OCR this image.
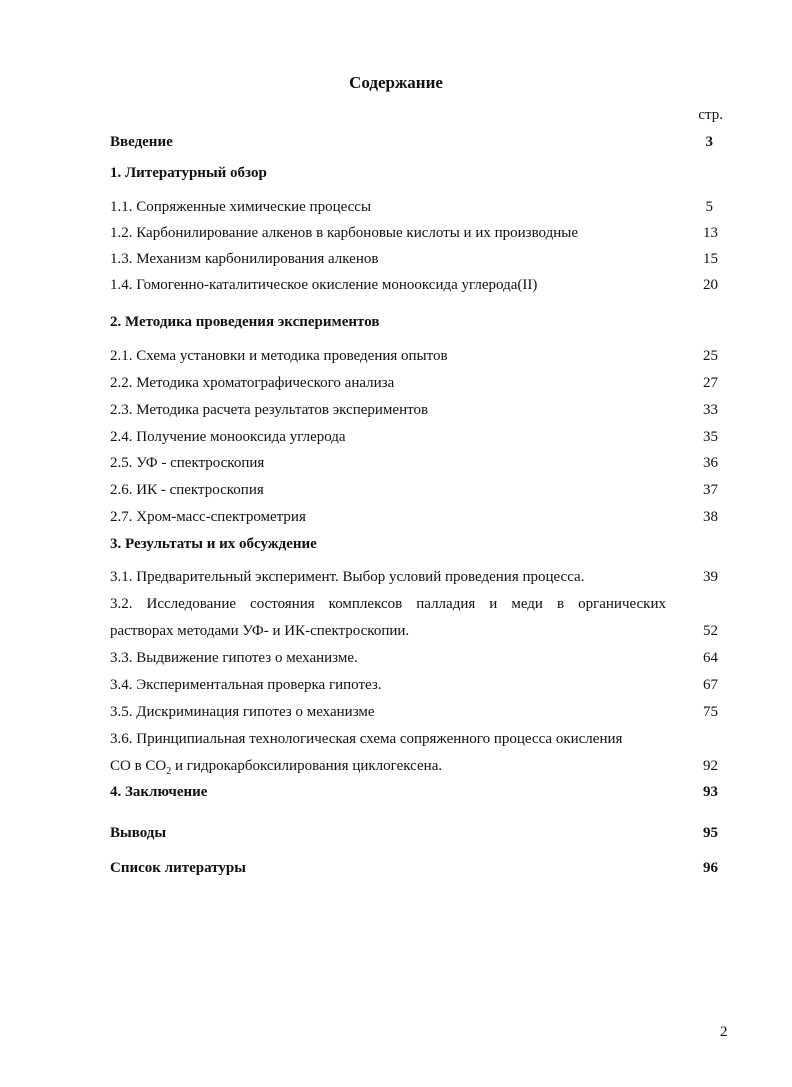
Содержание
стр.
Введение	3
1. Литературный обзор
1.1. Сопряженные химические процессы	5
1.2. Карбонилирование алкенов в карбоновые кислоты и их производные	13
1.3. Механизм карбонилирования алкенов	15
1.4. Гомогенно-каталитическое окисление монооксида углерода(II)	20
2. Методика проведения экспериментов
2.1. Схема установки и методика проведения опытов	25
2.2. Методика хроматографического анализа	27
2.3. Методика расчета результатов экспериментов	33
2.4. Получение монооксида углерода	35
2.5. УФ - спектроскопия	36
2.6. ИК - спектроскопия	37
2.7. Хром-масс-спектрометрия	38
3. Результаты и их обсуждение
3.1. Предварительный эксперимент. Выбор условий проведения процесса.	39
3.2. Исследование состояния комплексов палладия и меди в органических
растворах методами УФ- и ИК-спектроскопии.	52
3.3. Выдвижение гипотез о механизме.	64
3.4. Экспериментальная проверка гипотез.	67
3.5. Дискриминация гипотез о механизме	75
3.6. Принципиальная технологическая схема сопряженного процесса окисления
СО в $СО_2$ и гидрокарбоксилирования циклогексена.	92
4. Заключение	93
Выводы	95
Список литературы	96
2
